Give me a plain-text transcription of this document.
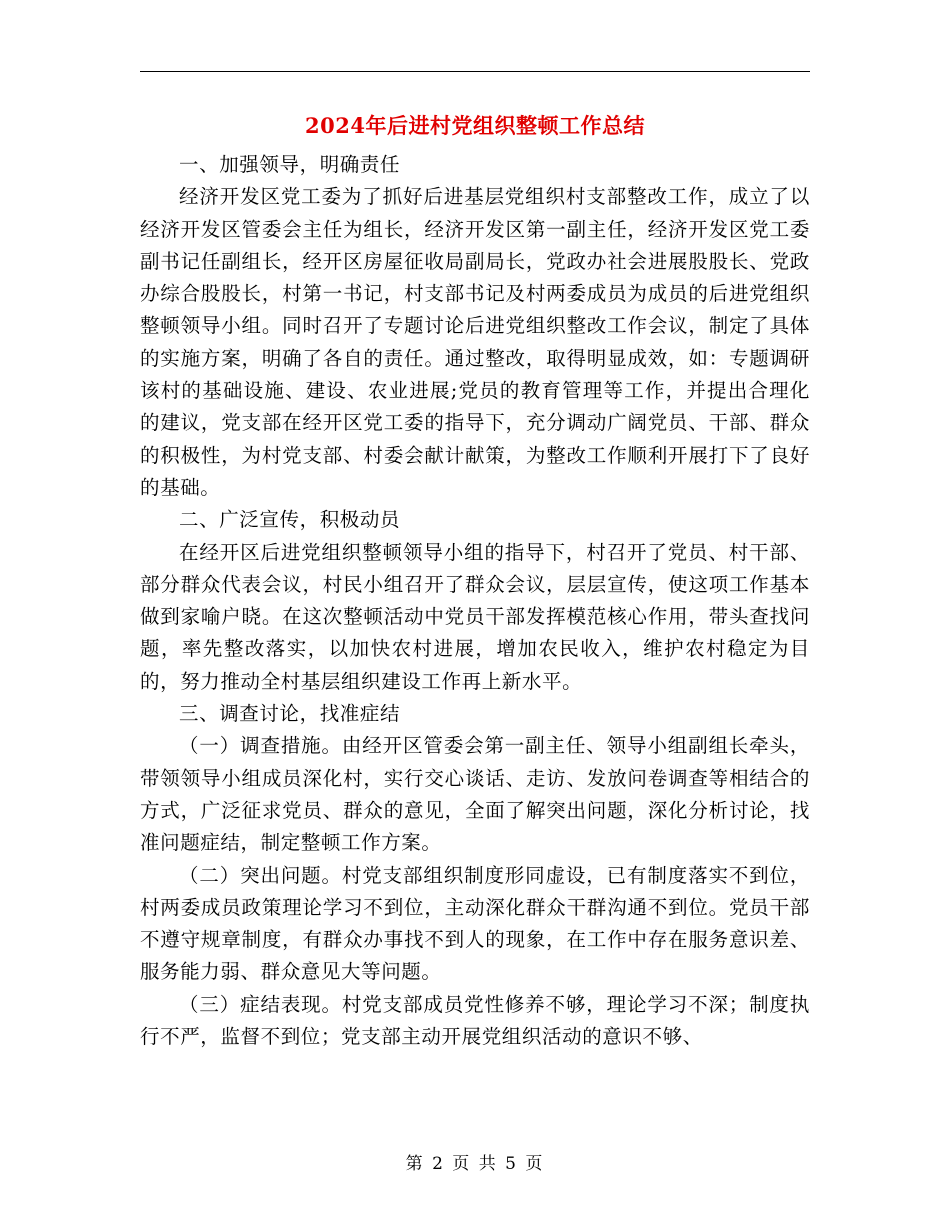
2024年后进村党组织整顿工作总结

一、加强领导，明确责任

经济开发区党工委为了抓好后进基层党组织村支部整改工作，成立了以经济开发区管委会主任为组长，经济开发区第一副主任，经济开发区党工委副书记任副组长，经开区房屋征收局副局长，党政办社会进展股股长、党政办综合股股长，村第一书记，村支部书记及村两委成员为成员的后进党组织整顿领导小组。同时召开了专题讨论后进党组织整改工作会议，制定了具体的实施方案，明确了各自的责任。通过整改，取得明显成效，如：专题调研该村的基础设施、建设、农业进展;党员的教育管理等工作，并提出合理化的建议，党支部在经开区党工委的指导下，充分调动广阔党员、干部、群众的积极性，为村党支部、村委会献计献策，为整改工作顺利开展打下了良好的基础。

二、广泛宣传，积极动员

在经开区后进党组织整顿领导小组的指导下，村召开了党员、村干部、部分群众代表会议，村民小组召开了群众会议，层层宣传，使这项工作基本做到家喻户晓。在这次整顿活动中党员干部发挥模范核心作用，带头查找问题，率先整改落实，以加快农村进展，增加农民收入，维护农村稳定为目的，努力推动全村基层组织建设工作再上新水平。

三、调查讨论，找准症结

（一）调查措施。由经开区管委会第一副主任、领导小组副组长牵头，带领领导小组成员深化村，实行交心谈话、走访、发放问卷调查等相结合的方式，广泛征求党员、群众的意见，全面了解突出问题，深化分析讨论，找准问题症结，制定整顿工作方案。

（二）突出问题。村党支部组织制度形同虚设，已有制度落实不到位，村两委成员政策理论学习不到位，主动深化群众干群沟通不到位。党员干部不遵守规章制度，有群众办事找不到人的现象，在工作中存在服务意识差、服务能力弱、群众意见大等问题。

（三）症结表现。村党支部成员党性修养不够，理论学习不深；制度执行不严，监督不到位；党支部主动开展党组织活动的意识不够、

第 2 页 共 5 页
